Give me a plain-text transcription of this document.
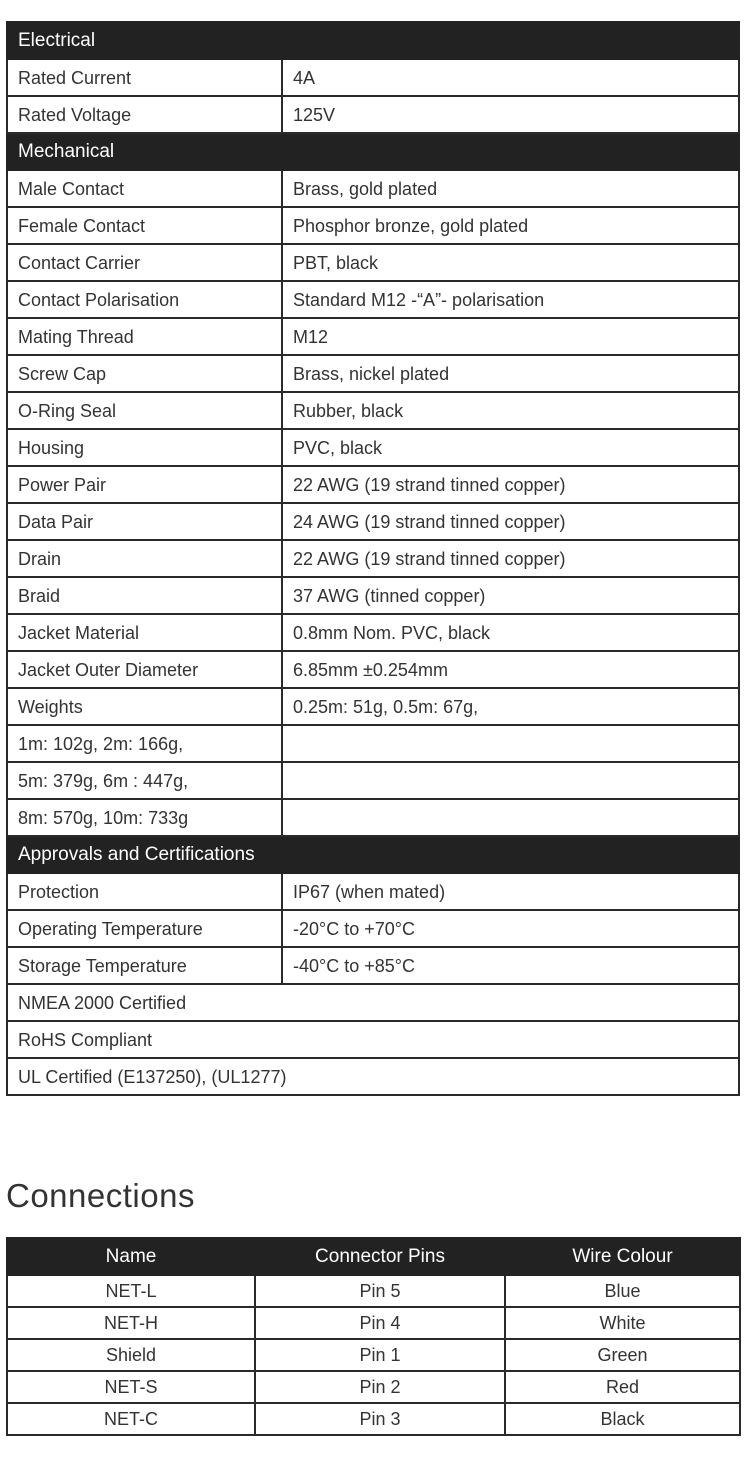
Electrical	
Rated Current	4A
Rated Voltage	125V
Mechanical	
Male Contact	Brass, gold plated
Female Contact	Phosphor bronze, gold plated
Contact Carrier	PBT, black
Contact Polarisation	Standard M12 -“A”- polarisation
Mating Thread	M12
Screw Cap	Brass, nickel plated
O-Ring Seal	Rubber, black
Housing	PVC, black
Power Pair	22 AWG (19 strand tinned copper)
Data Pair	24 AWG (19 strand tinned copper)
Drain	22 AWG (19 strand tinned copper)
Braid	37 AWG (tinned copper)
Jacket Material	0.8mm Nom. PVC, black
Jacket Outer Diameter	6.85mm ±0.254mm
Weights	0.25m: 51g, 0.5m: 67g,
1m: 102g, 2m: 166g,	
5m: 379g, 6m : 447g,	
8m: 570g, 10m: 733g	
Approvals and Certifications	
Protection	IP67 (when mated)
Operating Temperature	-20°C to +70°C
Storage Temperature	-40°C to +85°C
NMEA 2000 Certified	
RoHS Compliant	
UL Certified (E137250), (UL1277)	
Connections
Name	Connector Pins	Wire Colour
NET-L	Pin 5	Blue
NET-H	Pin 4	White
Shield	Pin 1	Green
NET-S	Pin 2	Red
NET-C	Pin 3	Black
